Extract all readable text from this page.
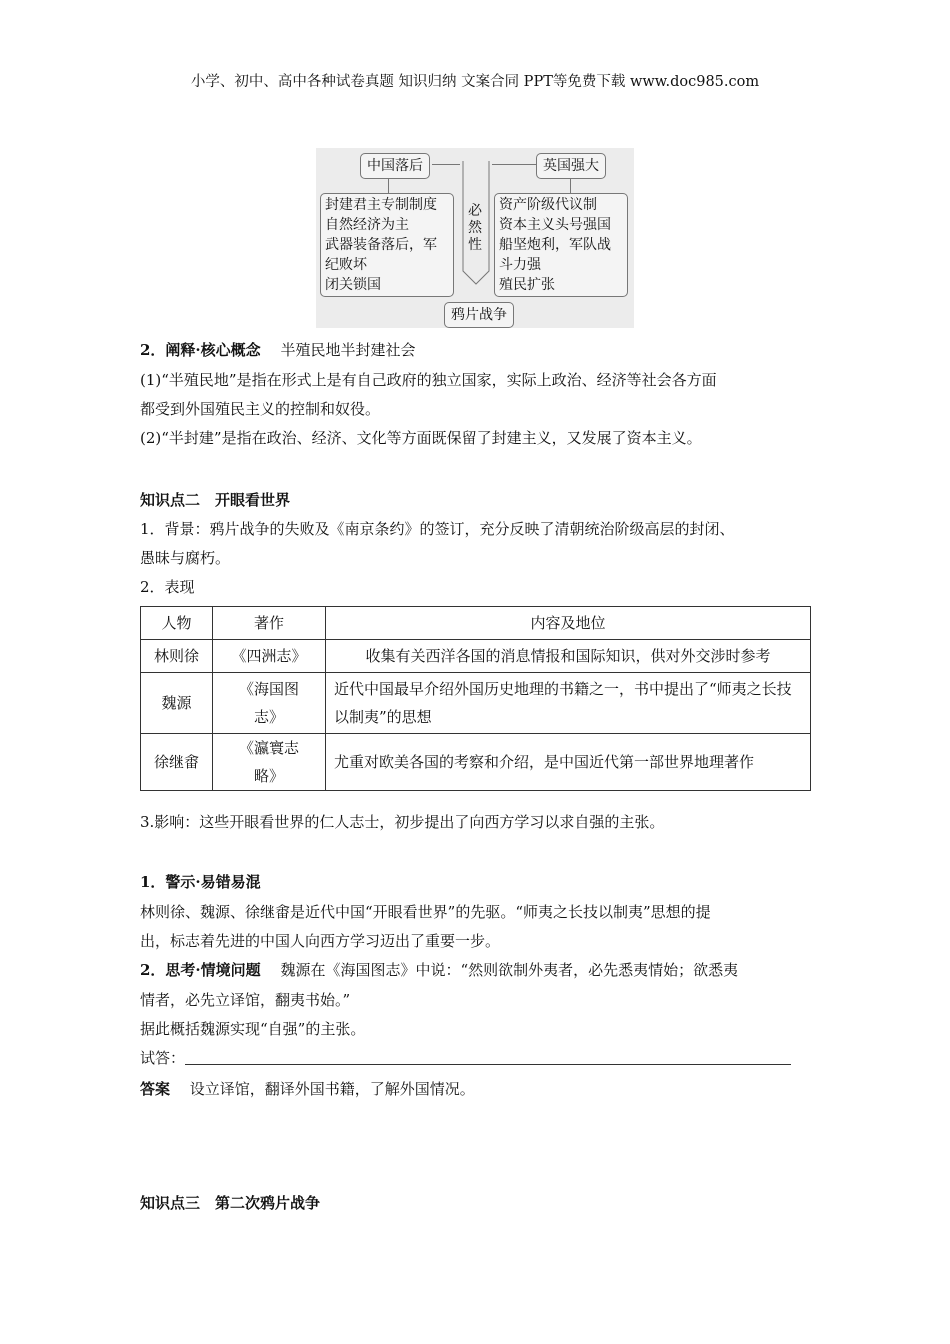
小学、初中、高中各种试卷真题 知识归纳 文案合同 PPT等免费下载 www.doc985.com
中国落后
封建君主专制制度
自然经济为主
武器装备落后，军
纪败坏
闭关锁国
必
然
性
英国强大
资产阶级代议制
资本主义头号强国
船坚炮利，军队战
斗力强
殖民扩张
鸦片战争
2．阐释·核心概念　 半殖民地半封建社会
(1)“半殖民地”是指在形式上是有自己政府的独立国家，实际上政治、经济等社会各方面
都受到外国殖民主义的控制和奴役。
(2)“半封建”是指在政治、经济、文化等方面既保留了封建主义，又发展了资本主义。
知识点二　开眼看世界
1．背景：鸦片战争的失败及《南京条约》的签订，充分反映了清朝统治阶级高层的封闭、
愚昧与腐朽。
2．表现
人物	著作	内容及地位
林则徐	《四洲志》	收集有关西洋各国的消息情报和国际知识，供对外交涉时参考
魏源	《海国图志》	近代中国最早介绍外国历史地理的书籍之一，书中提出了“师夷之长技以制夷”的思想
徐继畬	《瀛寰志略》	尤重对欧美各国的考察和介绍，是中国近代第一部世界地理著作
3.影响：这些开眼看世界的仁人志士，初步提出了向西方学习以求自强的主张。
1．警示·易错易混
林则徐、魏源、徐继畬是近代中国“开眼看世界”的先驱。“师夷之长技以制夷”思想的提
出，标志着先进的中国人向西方学习迈出了重要一步。
2．思考·情境问题　 魏源在《海国图志》中说：“然则欲制外夷者，必先悉夷情始；欲悉夷
情者，必先立译馆，翻夷书始。”
据此概括魏源实现“自强”的主张。
试答：
答案　 设立译馆，翻译外国书籍，了解外国情况。
知识点三　第二次鸦片战争
